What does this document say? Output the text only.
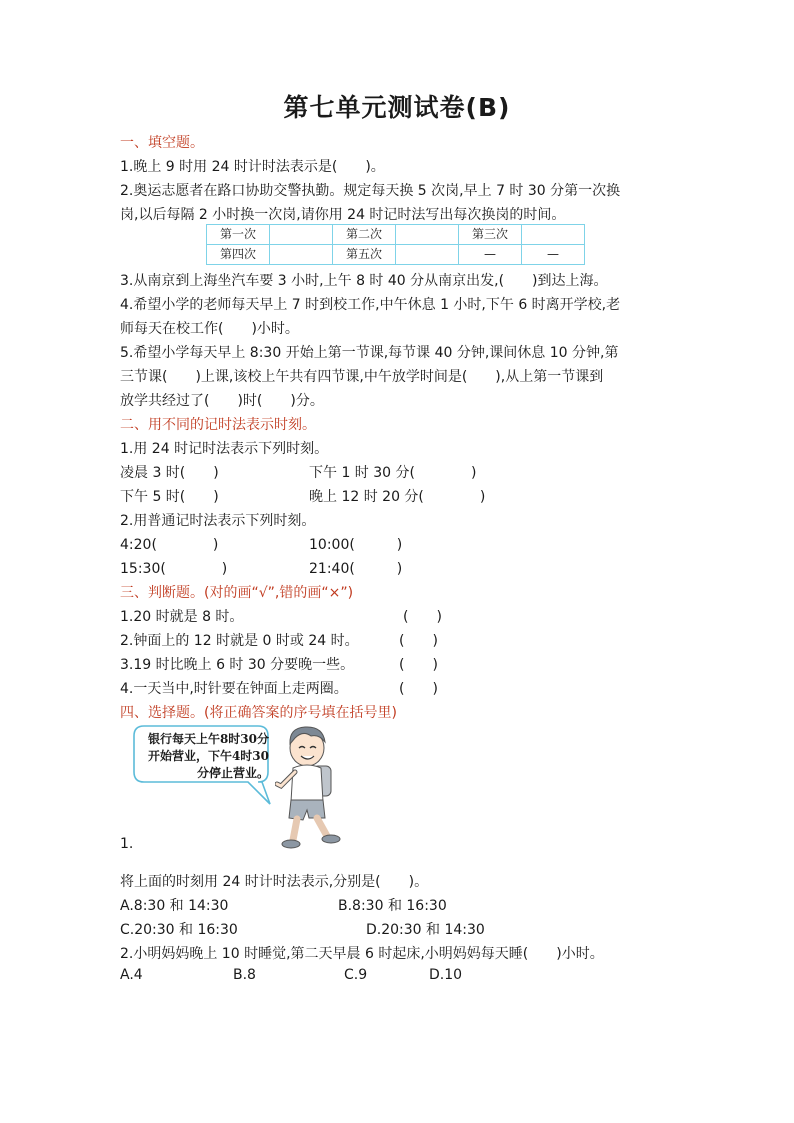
第七单元测试卷(B)
一、填空题。
1.晚上 9 时用 24 时计时法表示是(　　)。
2.奥运志愿者在路口协助交警执勤。规定每天换 5 次岗,早上 7 时 30 分第一次换
岗,以后每隔 2 小时换一次岗,请你用 24 时记时法写出每次换岗的时间。
第一次		第二次		第三次	
第四次		第五次		—	—
3.从南京到上海坐汽车要 3 小时,上午 8 时 40 分从南京出发,(　　)到达上海。
4.希望小学的老师每天早上 7 时到校工作,中午休息 1 小时,下午 6 时离开学校,老
师每天在校工作(　　)小时。
5.希望小学每天早上 8:30 开始上第一节课,每节课 40 分钟,课间休息 10 分钟,第
三节课(　　)上课,该校上午共有四节课,中午放学时间是(　　),从上第一节课到
放学共经过了(　　)时(　　)分。
二、用不同的记时法表示时刻。
1.用 24 时记时法表示下列时刻。
凌晨 3 时(　　)	下午 1 时 30 分(　　　　)
下午 5 时(　　)	晚上 12 时 20 分(　　　　)
2.用普通记时法表示下列时刻。
4:20(　　　　)	10:00(　　　)
15:30(　　　　)	21:40(　　　)
三、判断题。(对的画“√”,错的画“×”)
1.20 时就是 8 时。	(　　)
2.钟面上的 12 时就是 0 时或 24 时。	(　　)
3.19 时比晚上 6 时 30 分要晚一些。	(　　)
4.一天当中,时针要在钟面上走两圈。	(　　)
四、选择题。(将正确答案的序号填在括号里)
银行每天上午8时30分开始营业，下午4时30分停止营业。
1.
将上面的时刻用 24 时计时法表示,分别是(　　)。
A.8:30 和 14:30	B.8:30 和 16:30
C.20:30 和 16:30	D.20:30 和 14:30
2.小明妈妈晚上 10 时睡觉,第二天早晨 6 时起床,小明妈妈每天睡(　　)小时。
A.4	B.8	C.9	D.10
